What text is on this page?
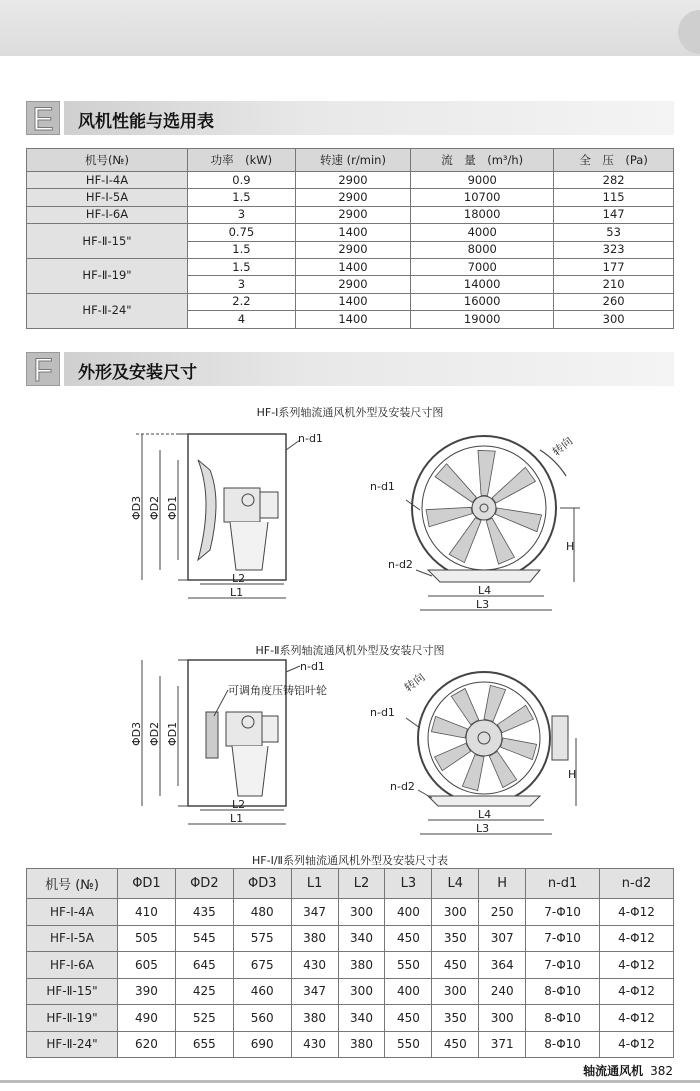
E	风机性能与选用表
机号(№)	功率　(kW)	转速 (r/min)	流　量　(m³/h)	全　压　(Pa)
HF-Ⅰ-4A	0.9	2900	9000	282
HF-Ⅰ-5A	1.5	2900	10700	115
HF-Ⅰ-6A	3	2900	18000	147
HF-Ⅱ-15"	0.75	1400	4000	53
	1.5	2900	8000	323
HF-Ⅱ-19"	1.5	1400	7000	177
	3	2900	14000	210
HF-Ⅱ-24"	2.2	1400	16000	260
	4	1400	19000	300
F	外形及安装尺寸
HF-Ⅰ系列轴流通风机外型及安装尺寸图
ΦD3 ΦD2 ΦD1
n-d1
L2
L1
n-d1
n-d2
L4
L3
H
转向
HF-Ⅱ系列轴流通风机外型及安装尺寸图
ΦD3 ΦD2 ΦD1
n-d1
可调角度压铸铝叶轮
L2
L1
n-d1
n-d2
L4
L3
H
转向
HF-Ⅰ/Ⅱ系列轴流通风机外型及安装尺寸表
机号 (№)	ΦD1	ΦD2	ΦD3	L1	L2	L3	L4	H	n-d1	n-d2
HF-Ⅰ-4A	410	435	480	347	300	400	300	250	7-Φ10	4-Φ12
HF-Ⅰ-5A	505	545	575	380	340	450	350	307	7-Φ10	4-Φ12
HF-Ⅰ-6A	605	645	675	430	380	550	450	364	7-Φ10	4-Φ12
HF-Ⅱ-15"	390	425	460	347	300	400	300	240	8-Φ10	4-Φ12
HF-Ⅱ-19"	490	525	560	380	340	450	350	300	8-Φ10	4-Φ12
HF-Ⅱ-24"	620	655	690	430	380	550	450	371	8-Φ10	4-Φ12
轴流通风机 382
